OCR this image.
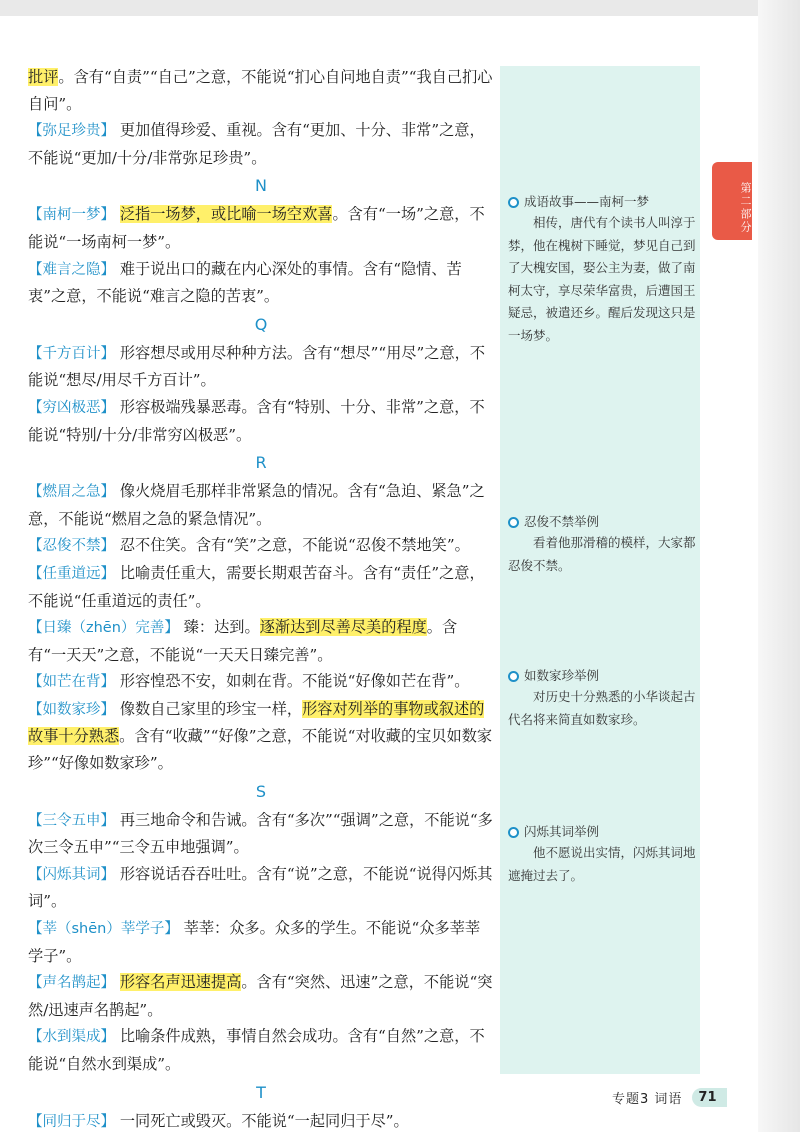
第二部分

批评。含有“自责”“自己”之意，不能说“扪心自问地自责”“我自己扪心自问”。

【弥足珍贵】 更加值得珍爱、重视。含有“更加、十分、非常”之意，不能说“更加/十分/非常弥足珍贵”。

N

【南柯一梦】 泛指一场梦，或比喻一场空欢喜。含有“一场”之意，不能说“一场南柯一梦”。

【难言之隐】 难于说出口的藏在内心深处的事情。含有“隐情、苦衷”之意，不能说“难言之隐的苦衷”。

Q

【千方百计】 形容想尽或用尽种种方法。含有“想尽”“用尽”之意，不能说“想尽/用尽千方百计”。

【穷凶极恶】 形容极端残暴恶毒。含有“特别、十分、非常”之意，不能说“特别/十分/非常穷凶极恶”。

R

【燃眉之急】 像火烧眉毛那样非常紧急的情况。含有“急迫、紧急”之意，不能说“燃眉之急的紧急情况”。

【忍俊不禁】 忍不住笑。含有“笑”之意，不能说“忍俊不禁地笑”。

【任重道远】 比喻责任重大，需要长期艰苦奋斗。含有“责任”之意，不能说“任重道远的责任”。

【日臻（zhēn）完善】 臻：达到。逐渐达到尽善尽美的程度。含有“一天天”之意，不能说“一天天日臻完善”。

【如芒在背】 形容惶恐不安，如刺在背。不能说“好像如芒在背”。

【如数家珍】 像数自己家里的珍宝一样，形容对列举的事物或叙述的故事十分熟悉。含有“收藏”“好像”之意，不能说“对收藏的宝贝如数家珍”“好像如数家珍”。

S

【三令五申】 再三地命令和告诫。含有“多次”“强调”之意，不能说“多次三令五申”“三令五申地强调”。

【闪烁其词】 形容说话吞吞吐吐。含有“说”之意，不能说“说得闪烁其词”。

【莘（shēn）莘学子】 莘莘：众多。众多的学生。不能说“众多莘莘学子”。

【声名鹊起】 形容名声迅速提高。含有“突然、迅速”之意，不能说“突然/迅速声名鹊起”。

【水到渠成】 比喻条件成熟，事情自然会成功。含有“自然”之意，不能说“自然水到渠成”。

T

【同归于尽】 一同死亡或毁灭。不能说“一起同归于尽”。

成语故事——南柯一梦
相传，唐代有个读书人叫淳于棼，他在槐树下睡觉，梦见自己到了大槐安国，娶公主为妻，做了南柯太守，享尽荣华富贵，后遭国王疑忌，被遣还乡。醒后发现这只是一场梦。
忍俊不禁举例
看着他那滑稽的模样，大家都忍俊不禁。
如数家珍举例
对历史十分熟悉的小华谈起古代名将来简直如数家珍。
闪烁其词举例
他不愿说出实情，闪烁其词地遮掩过去了。
专题3 词语	71
